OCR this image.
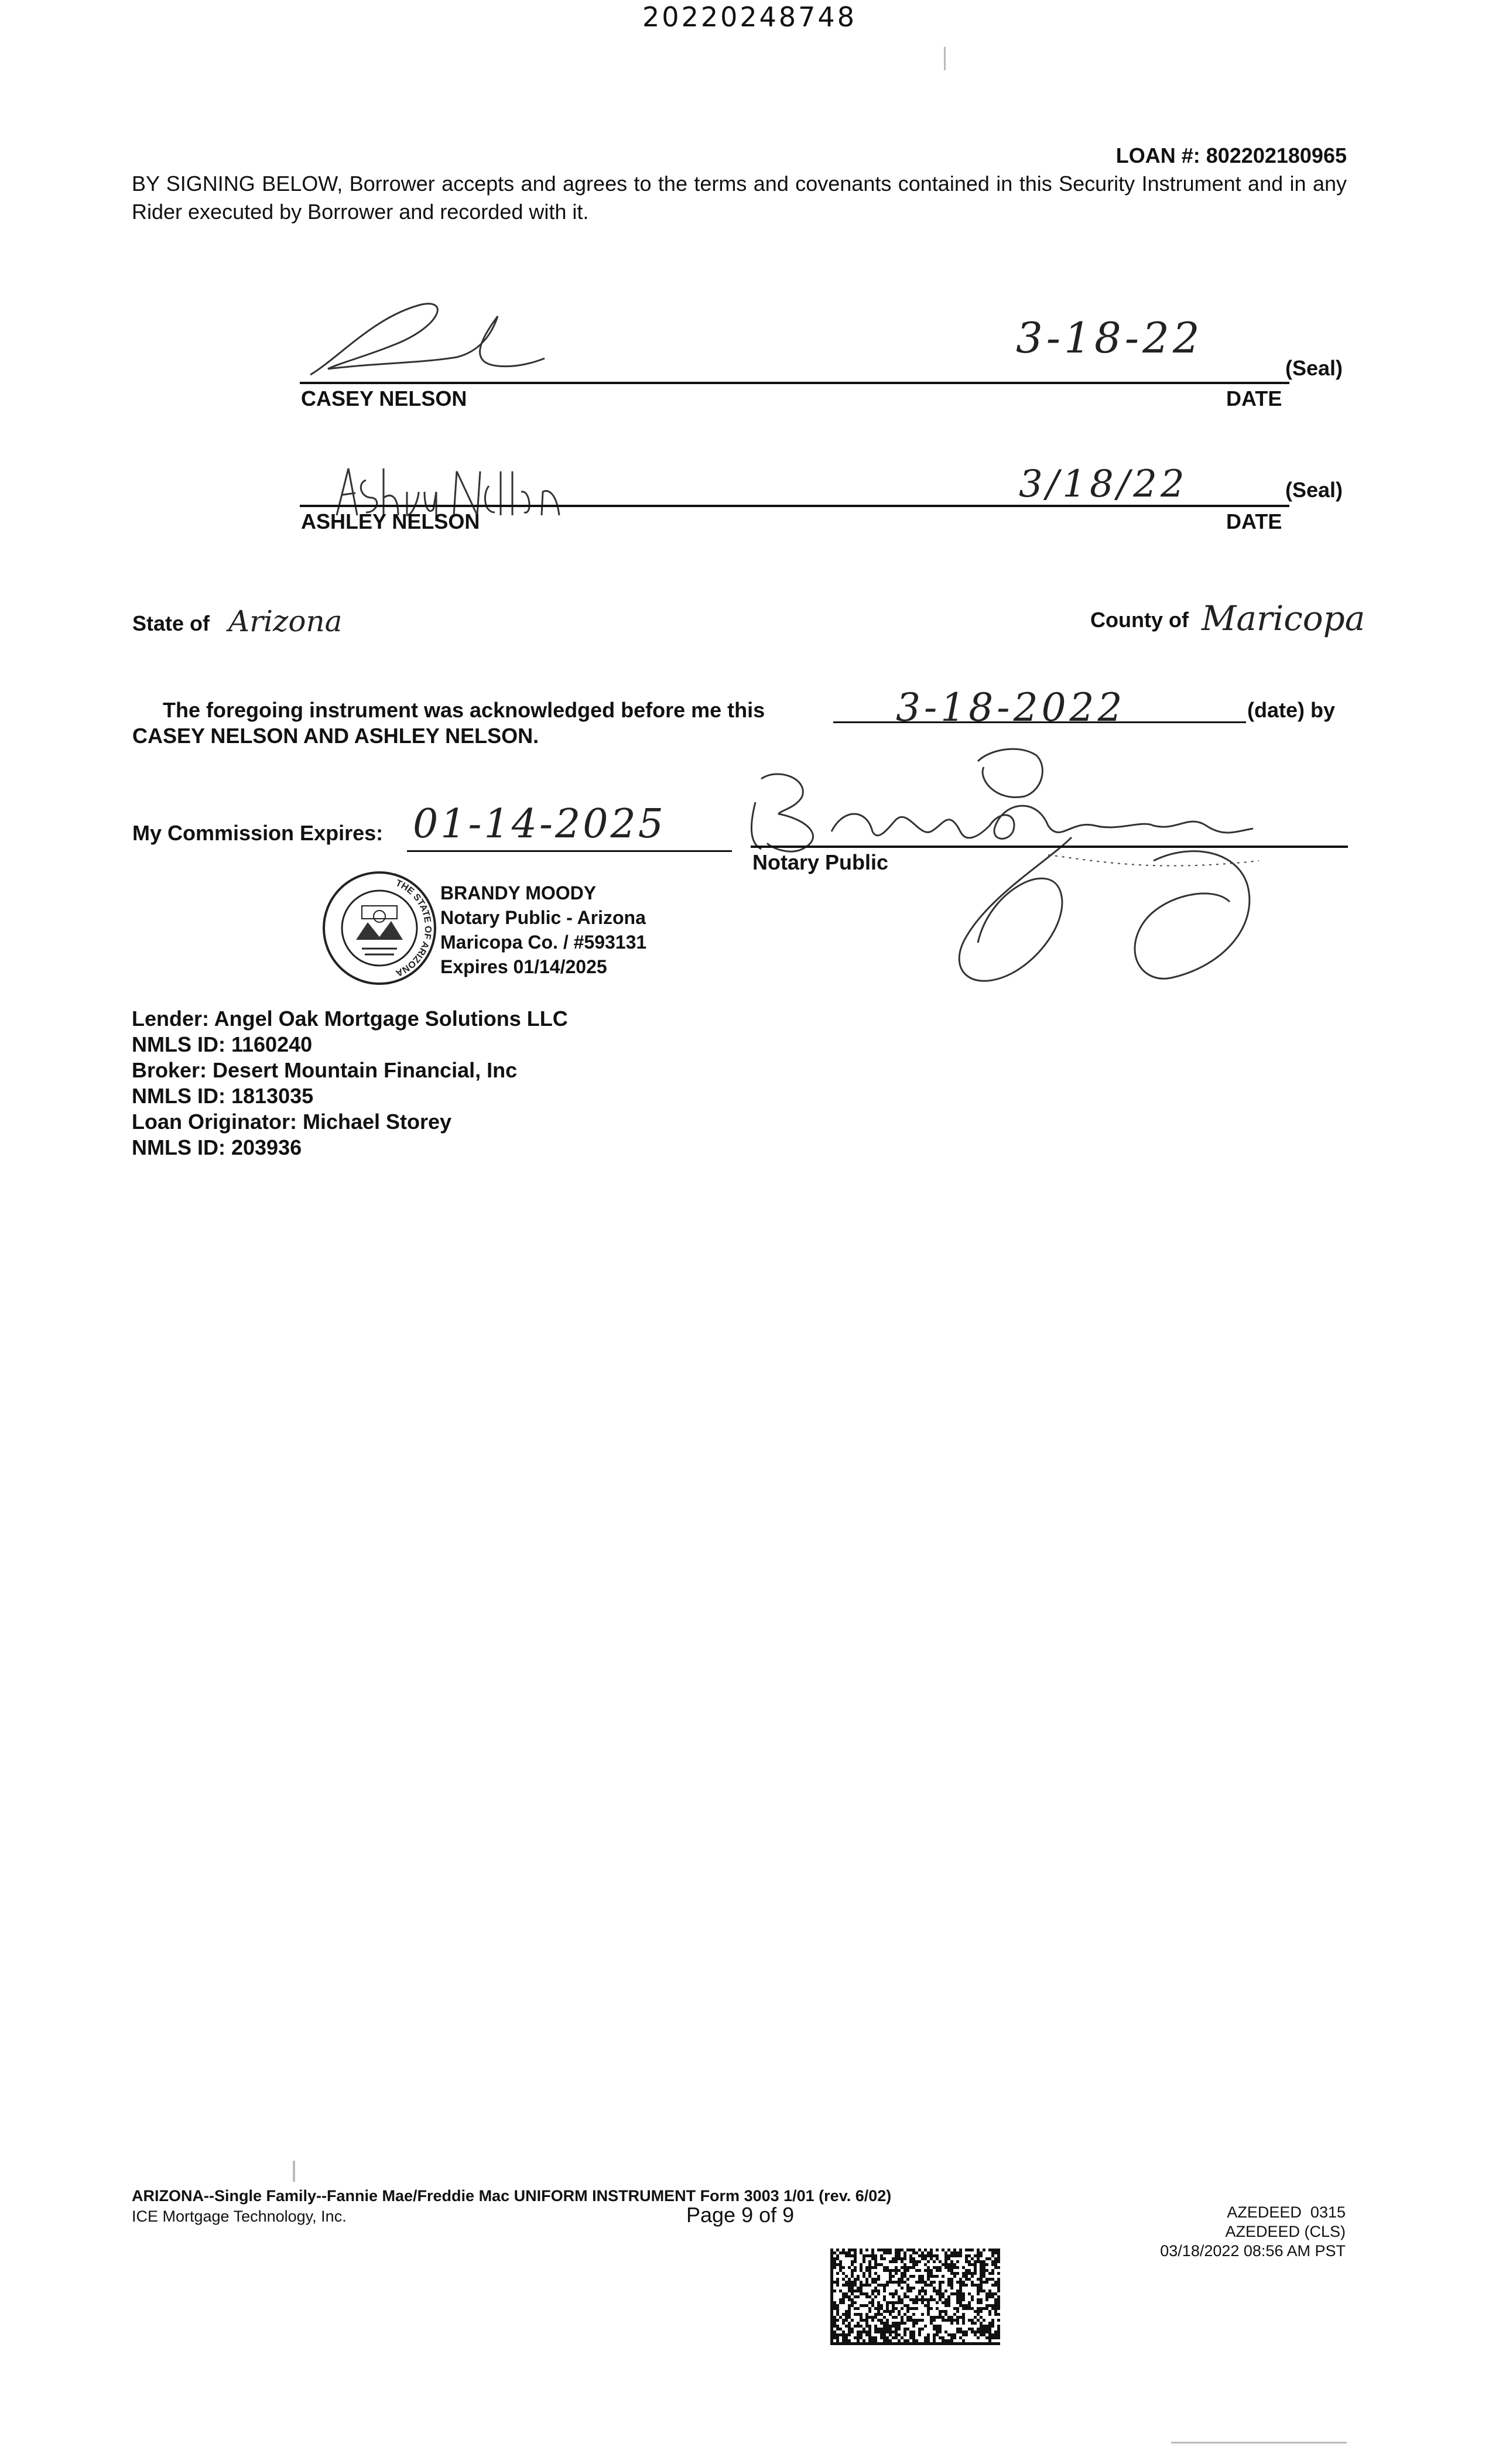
20220248748
LOAN #: 802202180965
BY SIGNING BELOW, Borrower accepts and agrees to the terms and covenants contained in this Security Instrument and in any Rider executed by Borrower and recorded with it.
3-18-22
(Seal)
CASEY NELSON	DATE
3/18/22	(Seal)
ASHLEY NELSON	DATE
State of Arizona	County of Maricopa
The foregoing instrument was acknowledged before me this	3-18-2022	(date) by
CASEY NELSON AND ASHLEY NELSON.
My Commission Expires: 01-14-2025
Notary Public
THE STATE OF ARIZONA
BRANDY MOODY
Notary Public - Arizona
Maricopa Co. / #593131
Expires 01/14/2025
Lender: Angel Oak Mortgage Solutions LLC
NMLS ID: 1160240
Broker: Desert Mountain Financial, Inc
NMLS ID: 1813035
Loan Originator: Michael Storey
NMLS ID: 203936
ARIZONA--Single Family--Fannie Mae/Freddie Mac UNIFORM INSTRUMENT Form 3003 1/01 (rev. 6/02)
ICE Mortgage Technology, Inc.	Page 9 of 9	AZEDEED  0315
AZEDEED (CLS)
03/18/2022 08:56 AM PST
